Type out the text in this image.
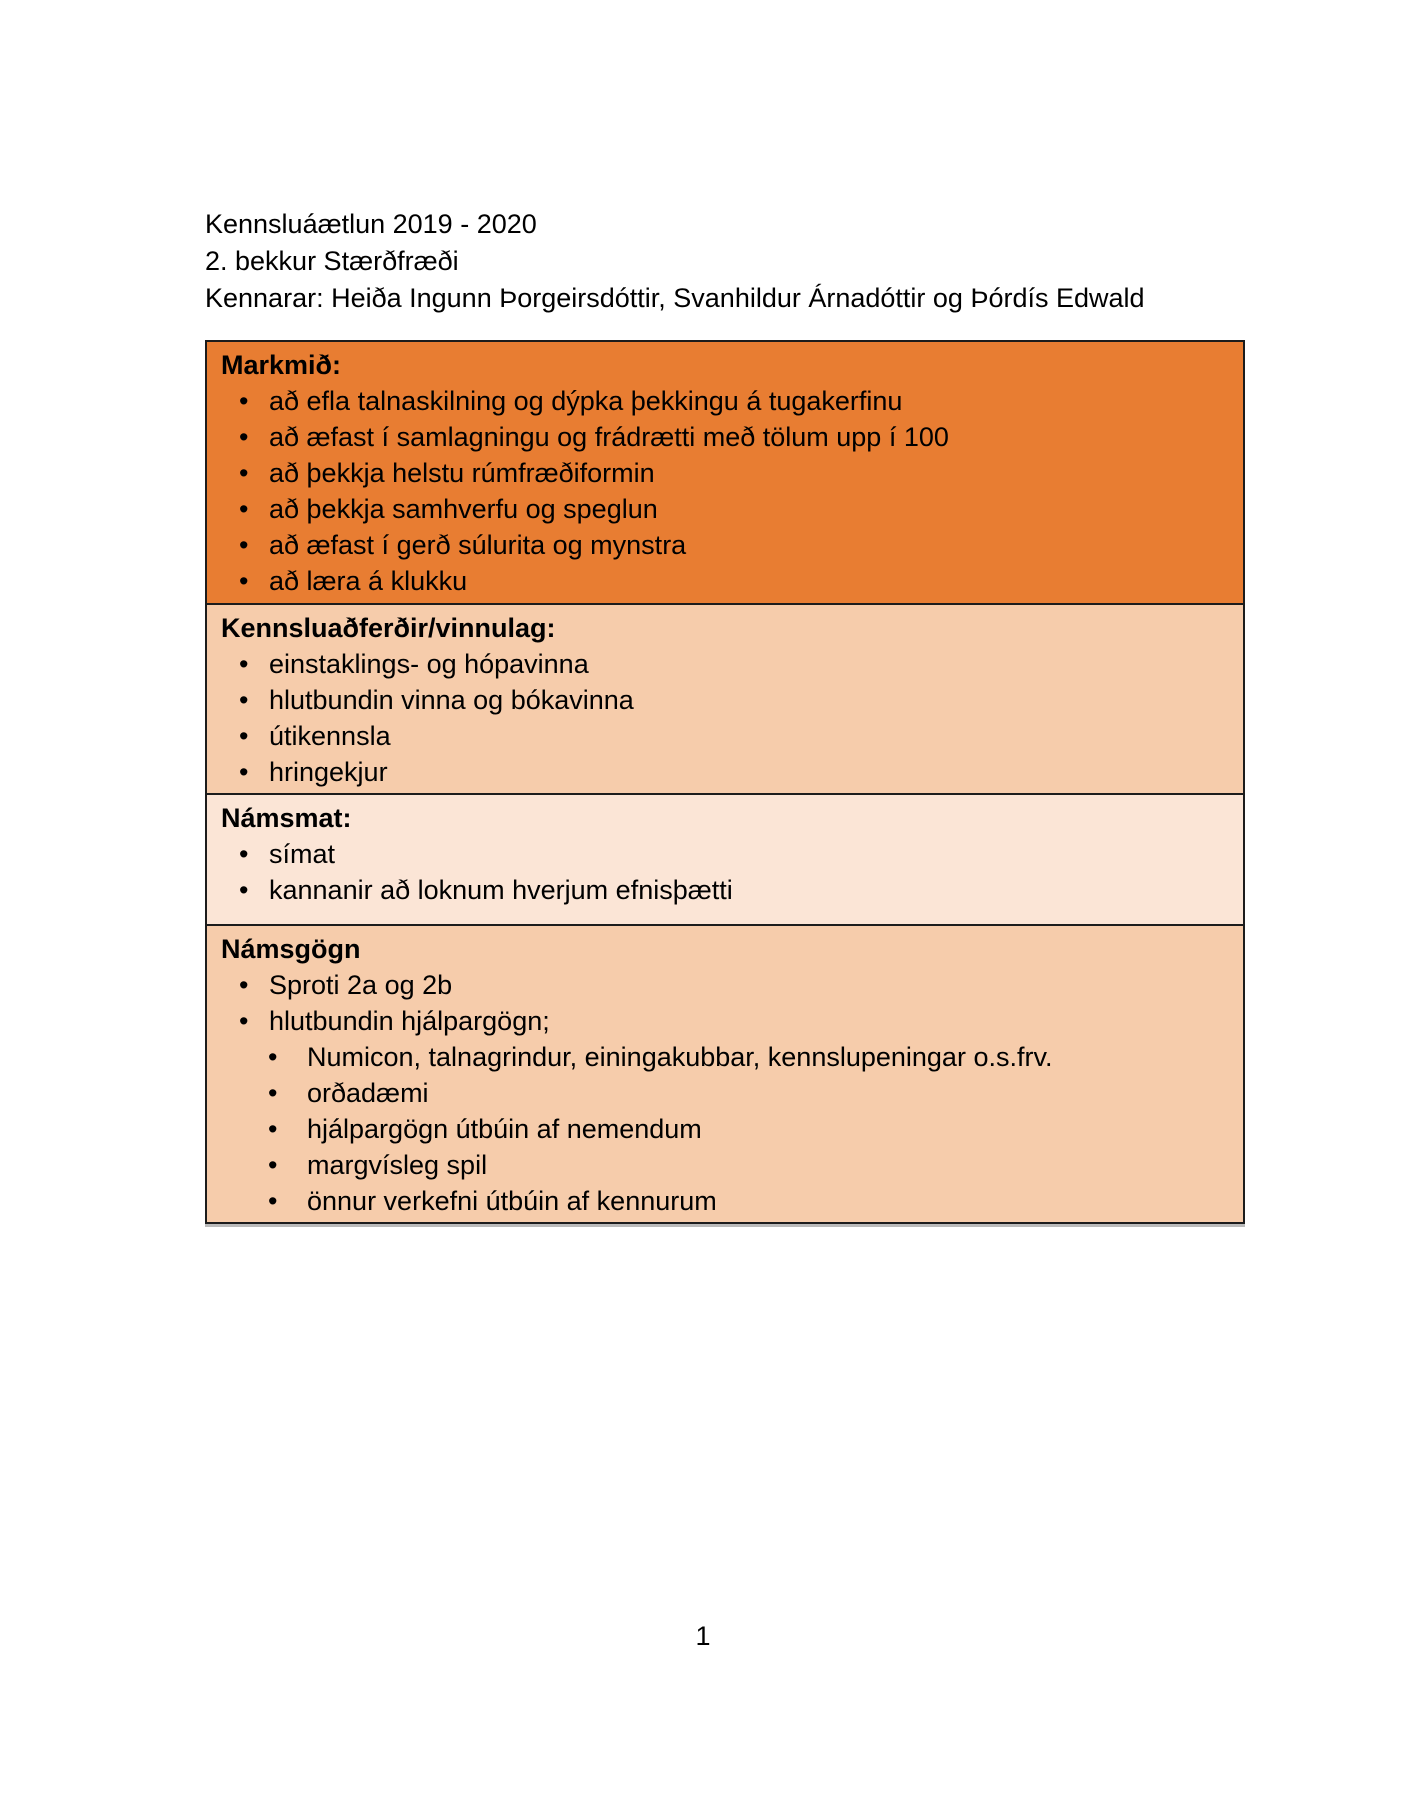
Kennsluáætlun 2019 - 2020

2. bekkur Stærðfræði

Kennarar: Heiða Ingunn Þorgeirsdóttir, Svanhildur Árnadóttir og Þórdís Edwald

Markmið:
• að efla talnaskilning og dýpka þekkingu á tugakerfinu
• að æfast í samlagningu og frádrætti með tölum upp í 100
• að þekkja helstu rúmfræðiformin
• að þekkja samhverfu og speglun
• að æfast í gerð súlurita og mynstra
• að læra á klukku
Kennsluaðferðir/vinnulag:
• einstaklings- og hópavinna
• hlutbundin vinna og bókavinna
• útikennsla
• hringekjur
Námsmat:
• símat
• kannanir að loknum hverjum efnisþætti
Námsgögn
• Sproti 2a og 2b
• hlutbundin hjálpargögn;
•	Numicon, talnagrindur, einingakubbar, kennslupeningar o.s.frv.
•	orðadæmi
•	hjálpargögn útbúin af nemendum
•	margvísleg spil
•	önnur verkefni útbúin af kennurum
1
